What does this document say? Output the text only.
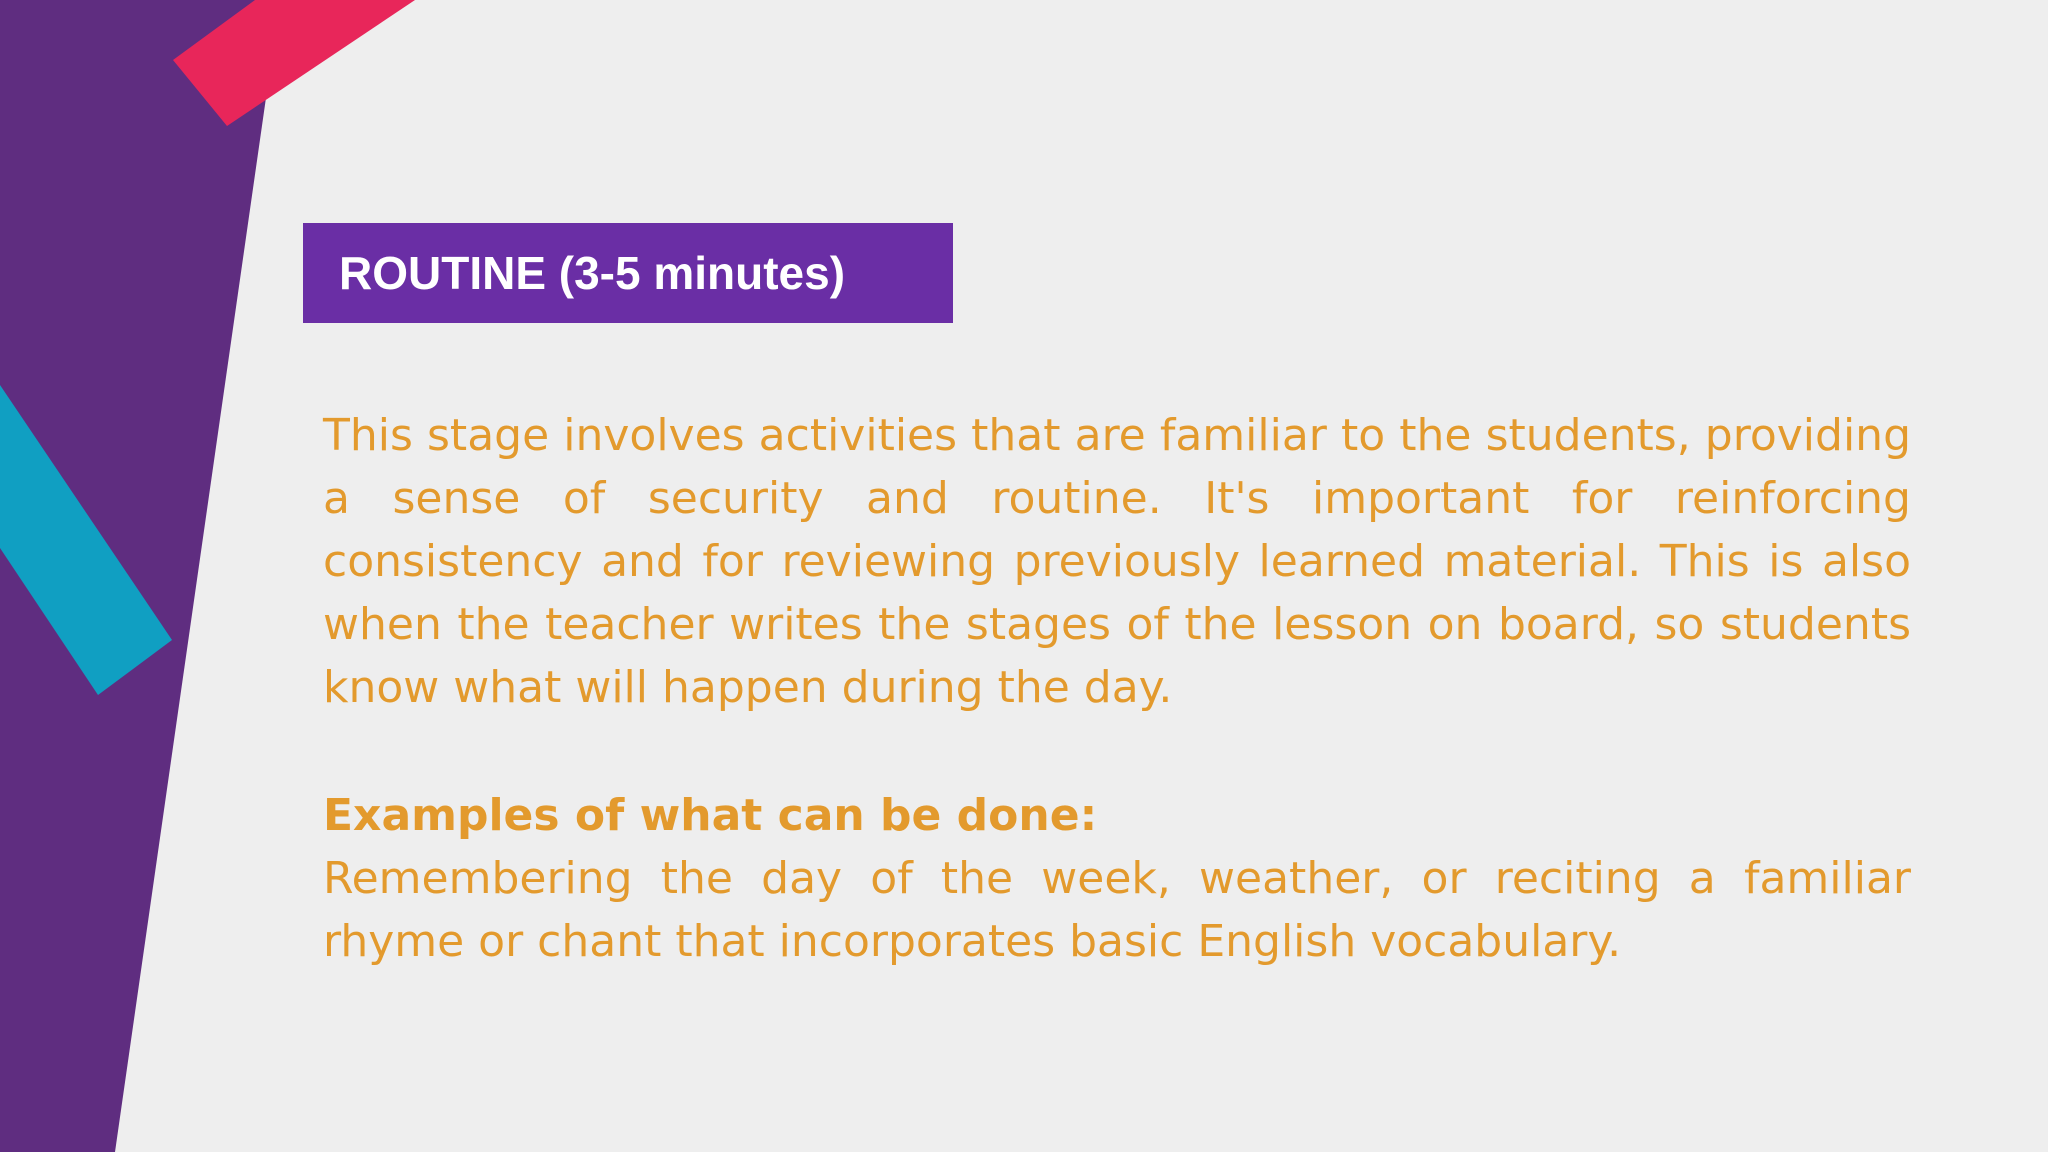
ROUTINE (3-5 minutes)

This stage involves activities that are familiar to the students, providing a sense of security and routine. It's important for reinforcing consistency and for reviewing previously learned material. This is also when the teacher writes the stages of the lesson on board, so students know what will happen during the day.

Examples of what can be done:

Remembering the day of the week, weather, or reciting a familiar rhyme or chant that incorporates basic English vocabulary.
